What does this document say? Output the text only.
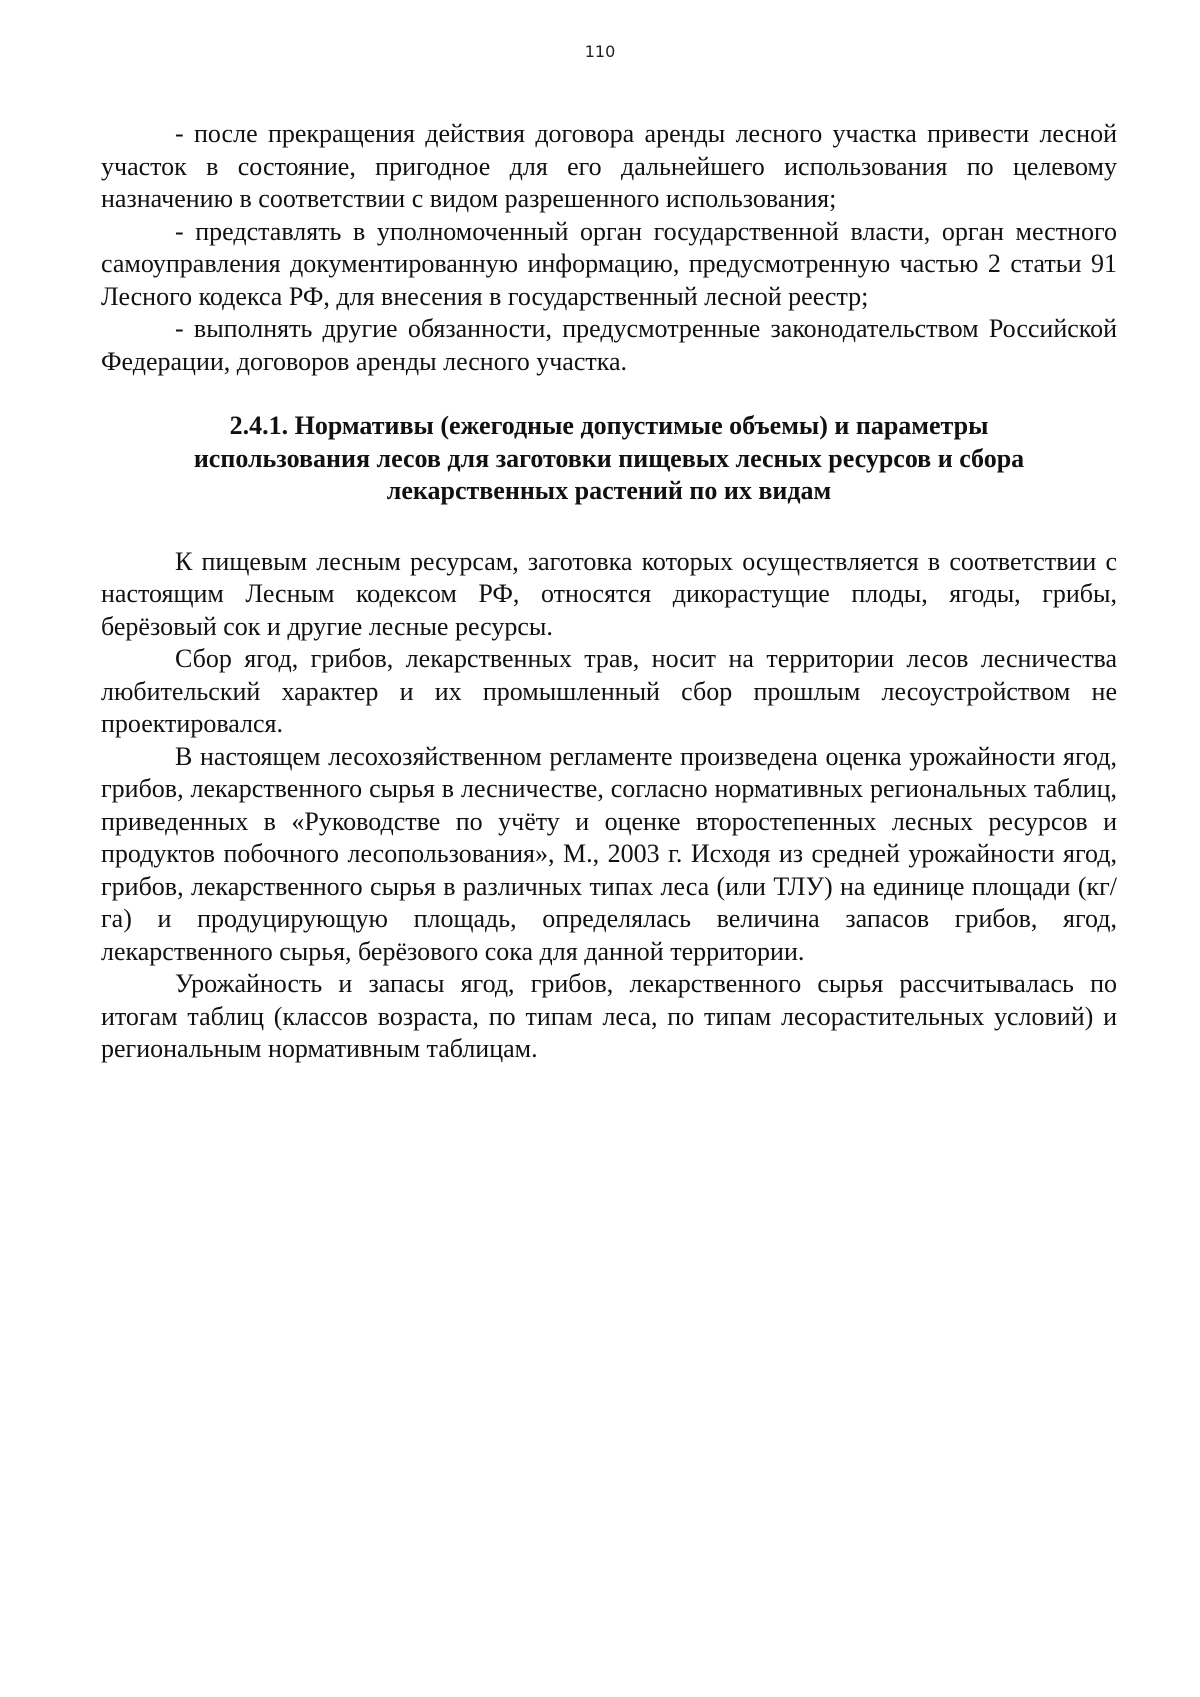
110

- после прекращения действия договора аренды лесного участка привести лесной участок в состояние, пригодное для его дальнейшего использования по целевому назначению в соответствии с видом разрешенного использования;

- представлять в уполномоченный орган государственной власти, орган местного самоуправления документированную информацию, предусмотренную частью 2 статьи 91 Лесного кодекса РФ, для внесения в государственный лесной реестр;

- выполнять другие обязанности, предусмотренные законодательством Российской Федерации, договоров аренды лесного участка.

2.4.1. Нормативы (ежегодные допустимые объемы) и параметры
использования лесов для заготовки пищевых лесных ресурсов и сбора
лекарственных растений по их видам

К пищевым лесным ресурсам, заготовка которых осуществляется в соответствии с настоящим Лесным кодексом РФ, относятся дикорастущие плоды, ягоды, грибы, берёзовый сок и другие лесные ресурсы.

Сбор ягод, грибов, лекарственных трав, носит на территории лесов лесничества любительский характер и их промышленный сбор прошлым лесоустройством не проектировался.

В настоящем лесохозяйственном регламенте произведена оценка урожайности ягод, грибов, лекарственного сырья в лесничестве, согласно нормативных региональных таблиц, приведенных в «Руководстве по учёту и оценке второстепенных лесных ресурсов и продуктов побочного лесопользования», М., 2003 г. Исходя из средней урожайности ягод, грибов, лекарственного сырья в различных типах леса (или ТЛУ) на единице площади (кг/га) и продуцирующую площадь, определялась величина запасов грибов, ягод, лекарственного сырья, берёзового сока для данной территории.

Урожайность и запасы ягод, грибов, лекарственного сырья рассчитывалась по итогам таблиц (классов возраста, по типам леса, по типам лесорастительных условий) и региональным нормативным таблицам.
